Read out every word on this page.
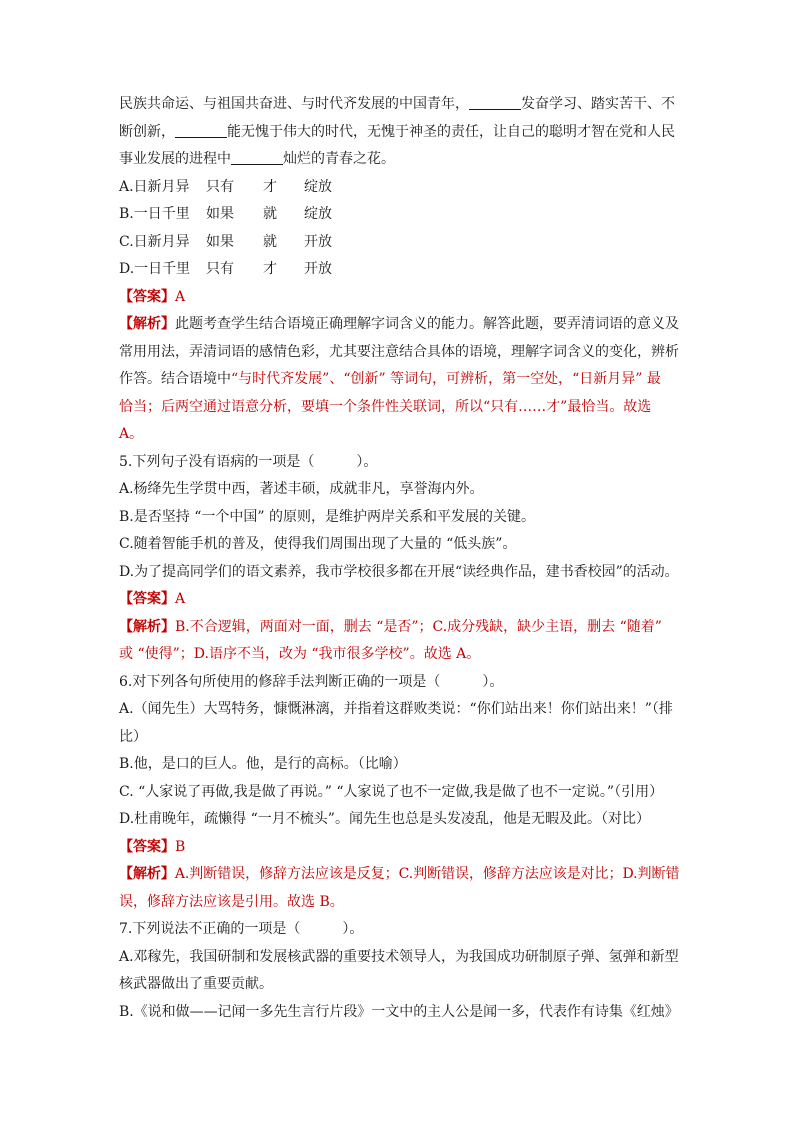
民族共命运、与祖国共奋进、与时代齐发展的中国青年，	发奋学习、踏实苦干、不
断创新，	能无愧于伟大的时代，无愧于神圣的责任，让自己的聪明才智在党和人民
事业发展的进程中	灿烂的青春之花。
A.日新月异	只有	才	绽放
B.一日千里	如果	就	绽放
C.日新月异	如果	就	开放
D.一日千里	只有	才	开放
【答案】A
【解析】此题考查学生结合语境正确理解字词含义的能力。解答此题，要弄清词语的意义及
常用用法，弄清词语的感情色彩，尤其要注意结合具体的语境，理解字词含义的变化，辨析
作答。结合语境中“与时代齐发展”、“创新” 等词句，可辨析，第一空处，“日新月异” 最
恰当；后两空通过语意分析，要填一个条件性关联词，所以“只有……才”最恰当。故选
A。
5.下列句子没有语病的一项是（　　　）。
A.杨绛先生学贯中西，著述丰硕，成就非凡，享誉海内外。
B.是否坚持 “一个中国” 的原则，是维护两岸关系和平发展的关键。
C.随着智能手机的普及，使得我们周围出现了大量的 “低头族”。
D.为了提高同学们的语文素养，我市学校很多都在开展“读经典作品，建书香校园”的活动。
【答案】A
【解析】B.不合逻辑，两面对一面，删去 “是否”；C.成分残缺，缺少主语，删去 “随着”
或 “使得”；D.语序不当，改为 “我市很多学校”。故选 A。
6.对下列各句所使用的修辞手法判断正确的一项是（　　　）。
A.（闻先生）大骂特务，慷慨淋漓，并指着这群败类说：“你们站出来！你们站出来！”（排
比）
B.他，是口的巨人。他，是行的高标。（比喻）
C. “人家说了再做,我是做了再说。” “人家说了也不一定做,我是做了也不一定说。”（引用）
D.杜甫晚年，疏懒得 “一月不梳头”。闻先生也总是头发凌乱，他是无暇及此。（对比）
【答案】B
【解析】A.判断错误，修辞方法应该是反复；C.判断错误，修辞方法应该是对比；D.判断错
误，修辞方法应该是引用。故选 B。
7.下列说法不正确的一项是（　　　）。
A.邓稼先，我国研制和发展核武器的重要技术领导人，为我国成功研制原子弹、氢弹和新型
核武器做出了重要贡献。
B.《说和做——记闻一多先生言行片段》一文中的主人公是闻一多，代表作有诗集《红烛》
